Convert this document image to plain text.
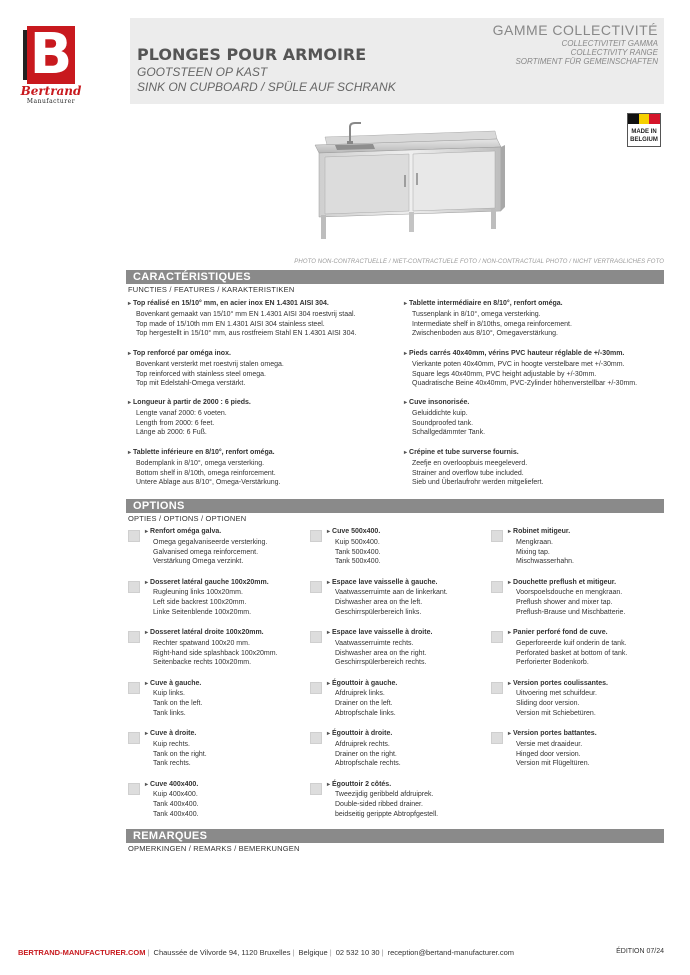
B
Bertrand
Manufacturer
PLONGES POUR ARMOIRE
GOOTSTEEN OP KAST
SINK ON CUPBOARD / SPÜLE AUF SCHRANK
GAMME COLLECTIVITÉ
COLLECTIVITEIT GAMMA
COLLECTIVITY RANGE
SORTIMENT FÜR GEMEINSCHAFTEN
MADE IN
BELGIUM
PHOTO NON-CONTRACTUELLE / NIET-CONTRACTUELE FOTO / NON-CONTRACTUAL PHOTO / NICHT VERTRAGLICHES FOTO
CARACTÉRISTIQUES
FUNCTIES / FEATURES / KARAKTERISTIKEN
▸ Top réalisé en 15/10° mm, en acier inox EN 1.4301 AISI 304.
Bovenkant gemaakt van 15/10° mm EN 1.4301 AISI 304 roestvrij staal.
Top made of 15/10th mm EN 1.4301 AISI 304 stainless steel.
Top hergestellt in 15/10° mm, aus rostfreiem Stahl EN 1.4301 AISI 304.
▸ Top renforcé par oméga inox.
Bovenkant versterkt met roestvrij stalen omega.
Top reinforced with stainless steel omega.
Top mit Edelstahl-Omega verstärkt.
▸ Longueur à partir de 2000 : 6 pieds.
Lengte vanaf 2000: 6 voeten.
Length from 2000: 6 feet.
Länge ab 2000: 6 Fuß.
▸ Tablette inférieure en 8/10°, renfort oméga.
Bodemplank in 8/10°, omega versterking.
Bottom shelf in 8/10th, omega reinforcement.
Untere Ablage aus 8/10°, Omega-Verstärkung.
▸ Tablette intermédiaire en 8/10°, renfort oméga.
Tussenplank in 8/10°, omega versterking.
Intermediate shelf in 8/10ths, omega reinforcement.
Zwischenboden aus 8/10°, Omegaverstärkung.
▸ Pieds carrés 40x40mm, vérins PVC hauteur réglable de +/-30mm.
Vierkante poten 40x40mm, PVC in hoogte verstelbare met +/-30mm.
Square legs 40x40mm, PVC height adjustable by +/-30mm.
Quadratische Beine 40x40mm, PVC-Zylinder höhenverstellbar +/-30mm.
▸ Cuve insonorisée.
Geluiddichte kuip.
Soundproofed tank.
Schallgedämmter Tank.
▸ Crépine et tube surverse fournis.
Zeefje en overloopbuis meegeleverd.
Strainer and overflow tube included.
Sieb und Überlaufrohr werden mitgeliefert.
OPTIONS
OPTIES / OPTIONS / OPTIONEN
▸ Renfort oméga galva.
Omega gegalvaniseerde versterking.
Galvanised omega reinforcement.
Verstärkung Omega verzinkt.
▸ Cuve 500x400.
Kuip 500x400.
Tank 500x400.
Tank 500x400.
▸ Robinet mitigeur.
Mengkraan.
Mixing tap.
Mischwasserhahn.
▸ Dosseret latéral gauche 100x20mm.
Rugleuning links 100x20mm.
Left side backrest 100x20mm.
Linke Seitenblende 100x20mm.
▸ Espace lave vaisselle à gauche.
Vaatwasserruimte aan de linkerkant.
Dishwasher area on the left.
Geschirrspülerbereich links.
▸ Douchette preflush et mitigeur.
Voorspoelsdouche en mengkraan.
Preflush shower and mixer tap.
Preflush-Brause und Mischbatterie.
▸ Dosseret latéral droite 100x20mm.
Rechter spatwand 100x20 mm.
Right-hand side splashback 100x20mm.
Seitenbacke rechts 100x20mm.
▸ Espace lave vaisselle à droite.
Vaatwasserruimte rechts.
Dishwasher area on the right.
Geschirrspülerbereich rechts.
▸ Panier perforé fond de cuve.
Geperforeerde kuif onderin de tank.
Perforated basket at bottom of tank.
Perforierter Bodenkorb.
▸ Cuve à gauche.
Kuip links.
Tank on the left.
Tank links.
▸ Égouttoir à gauche.
Afdruiprek links.
Drainer on the left.
Abtropfschale links.
▸ Version portes coulissantes.
Uitvoering met schuifdeur.
Sliding door version.
Version mit Schiebetüren.
▸ Cuve à droite.
Kuip rechts.
Tank on the right.
Tank rechts.
▸ Égouttoir à droite.
Afdruiprek rechts.
Drainer on the right.
Abtropfschale rechts.
▸ Version portes battantes.
Versie met draaideur.
Hinged door version.
Version mit Flügeltüren.
▸ Cuve 400x400.
Kuip 400x400.
Tank 400x400.
Tank 400x400.
▸ Égouttoir 2 côtés.
Tweezijdig geribbeld afdruiprek.
Double-sided ribbed drainer.
beidseitig gerippte Abtropfgestell.
REMARQUES
OPMERKINGEN / REMARKS / BEMERKUNGEN
BERTRAND-MANUFACTURER.COM | Chaussée de Vilvorde 94, 1120 Bruxelles | Belgique | 02 532 10 30 | reception@bertand-manufacturer.com	ÉDITION 07/24
